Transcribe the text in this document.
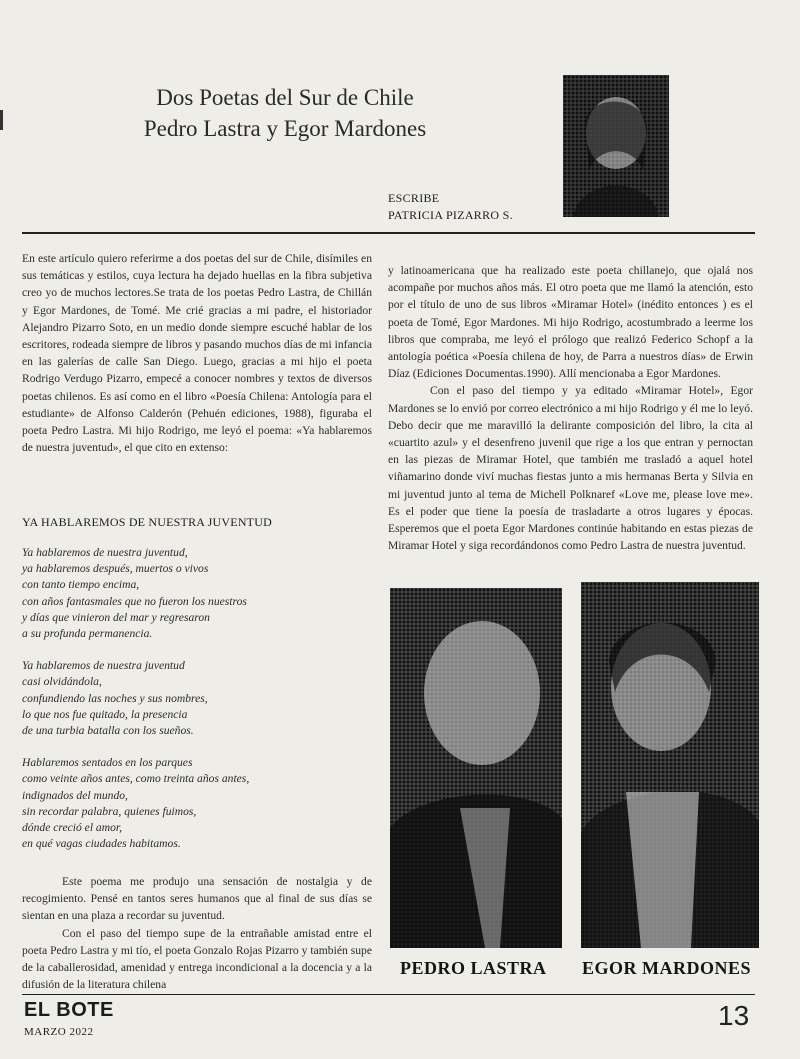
Dos Poetas del Sur de Chile
Pedro Lastra y Egor Mardones
ESCRIBE
PATRICIA PIZARRO S.

En este artículo quiero referirme a dos poetas del sur de Chile, disímiles en sus temáticas y estilos, cuya lectura ha dejado huellas en la fibra subjetiva creo yo de muchos lectores.Se trata de los poetas Pedro Lastra, de Chillán y Egor Mardones, de Tomé. Me crié gracias a mi padre, el historiador Alejandro Pizarro Soto, en un medio donde siempre escuché hablar de los escritores, rodeada siempre de libros y pasando muchos días de mi infancia en las galerías de calle San Diego. Luego, gracias a mi hijo el poeta Rodrigo Verdugo Pizarro, empecé a conocer nombres y textos de diversos poetas chilenos. Es así como en el libro «Poesía Chilena: Antología para el estudiante» de Alfonso Calderón (Pehuén ediciones, 1988), figuraba el poeta Pedro Lastra. Mi hijo Rodrigo, me leyó el poema: «Ya hablaremos de nuestra juventud», el que cito en extenso:

YA HABLAREMOS DE NUESTRA JUVENTUD
Ya hablaremos de nuestra juventud,
ya hablaremos después, muertos o vivos
con tanto tiempo encima,
con años fantasmales que no fueron los nuestros
y días que vinieron del mar y regresaron
a su profunda permanencia.
Ya hablaremos de nuestra juventud
casi olvidándola,
confundiendo las noches y sus nombres,
lo que nos fue quitado, la presencia
de una turbia batalla con los sueños.
Hablaremos sentados en los parques
como veinte años antes, como treinta años antes,
indignados del mundo,
sin recordar palabra, quienes fuimos,
dónde creció el amor,
en qué vagas ciudades habitamos.

Este poema me produjo una sensación de nostalgia y de recogimiento. Pensé en tantos seres humanos que al final de sus días se sientan en una plaza a recordar su juventud.

Con el paso del tiempo supe de la entrañable amistad entre el poeta Pedro Lastra y mi tío, el poeta Gonzalo Rojas Pizarro y también supe de la caballerosidad, amenidad y entrega incondicional a la docencia y a la difusión de la literatura chilena

y latinoamericana que ha realizado este poeta chillanejo, que ojalá nos acompañe por muchos años más. El otro poeta que me llamó la atención, esto por el título de uno de sus libros «Miramar Hotel» (inédito entonces ) es el poeta de Tomé, Egor Mardones. Mi hijo Rodrigo, acostumbrado a leerme los libros que compraba, me leyó el prólogo que realizó Federico Schopf a la antología poética «Poesía chilena de hoy, de Parra a nuestros días» de Erwin Díaz (Ediciones Documentas.1990). Allí mencionaba a Egor Mardones.

Con el paso del tiempo y ya editado «Miramar Hotel», Egor Mardones se lo envió por correo electrónico a mi hijo Rodrigo y él me lo leyó. Debo decir que me maravilló la delirante composición del libro, la cita al «cuartito azul» y el desenfreno juvenil que rige a los que entran y pernoctan en las piezas de Miramar Hotel, que también me trasladó a aquel hotel viñamarino donde viví muchas fiestas junto a mis hermanas Berta y Silvia en mi juventud junto al tema de Michell Polknaref «Love me, please love me». Es el poder que tiene la poesía de trasladarte a otros lugares y épocas. Esperemos que el poeta Egor Mardones continúe habitando en estas piezas de Miramar Hotel y siga recordándonos como Pedro Lastra de nuestra juventud.

PEDRO LASTRA EGOR MARDONES
EL BOTE
MARZO 2022
13
